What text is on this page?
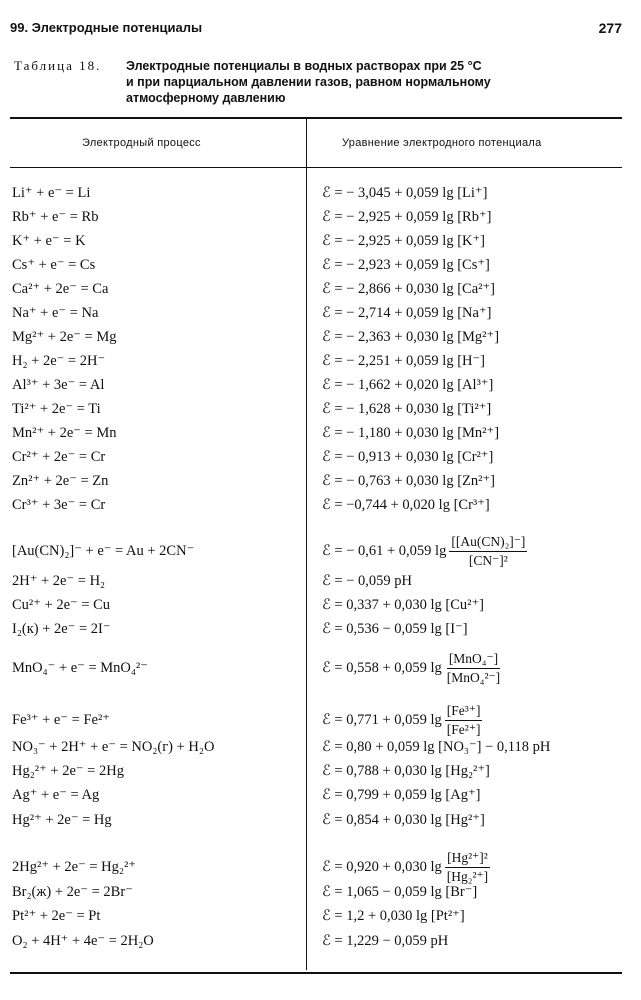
99. Электродные потенциалы	277
Таблица 18. Электродные потенциалы в водных растворах при 25 °С
и при парциальном давлении газов, равном нормальному
атмосферному давлению
Электродный процесс	Уравнение электродного потенциала
Li⁺ + e⁻ = Li	ℰ = − 3,045 + 0,059 lg [Li⁺]
Rb⁺ + e⁻ = Rb	ℰ = − 2,925 + 0,059 lg [Rb⁺]
K⁺ + e⁻ = K	ℰ = − 2,925 + 0,059 lg [K⁺]
Cs⁺ + e⁻ = Cs	ℰ = − 2,923 + 0,059 lg [Cs⁺]
Ca²⁺ + 2e⁻ = Ca	ℰ = − 2,866 + 0,030 lg [Ca²⁺]
Na⁺ + e⁻ = Na	ℰ = − 2,714 + 0,059 lg [Na⁺]
Mg²⁺ + 2e⁻ = Mg	ℰ = − 2,363 + 0,030 lg [Mg²⁺]
H₂ + 2e⁻ = 2H⁻	ℰ = − 2,251 + 0,059 lg [H⁻]
Al³⁺ + 3e⁻ = Al	ℰ = − 1,662 + 0,020 lg [Al³⁺]
Ti²⁺ + 2e⁻ = Ti	ℰ = − 1,628 + 0,030 lg [Ti²⁺]
Mn²⁺ + 2e⁻ = Mn	ℰ = − 1,180 + 0,030 lg [Mn²⁺]
Cr²⁺ + 2e⁻ = Cr	ℰ = − 0,913 + 0,030 lg [Cr²⁺]
Zn²⁺ + 2e⁻ = Zn	ℰ = − 0,763 + 0,030 lg [Zn²⁺]
Cr³⁺ + 3e⁻ = Cr	ℰ = −0,744 + 0,020 lg [Cr³⁺]
[Au(CN)₂]⁻ + e⁻ = Au + 2CN⁻	ℰ = − 0,61 + 0,059 $\lg \frac{\text{[[Au(CN)₂]⁻]}}{\text{[CN⁻]²}}$
2H⁺ + 2e⁻ = H₂	ℰ = − 0,059 pH
Cu²⁺ + 2e⁻ = Cu	ℰ = 0,337 + 0,030 lg [Cu²⁺]
I₂(к) + 2e⁻ = 2I⁻	ℰ = 0,536 − 0,059 lg [I⁻]
MnO₄⁻ + e⁻ = MnO₄²⁻	ℰ = 0,558 + 0,059 $\lg \frac{\text{[MnO₄⁻]}}{\text{[MnO₄²⁻]}}$
Fe³⁺ + e⁻ = Fe²⁺	ℰ = 0,771 + 0,059 $\lg \frac{\text{[Fe³⁺]}}{\text{[Fe²⁺]}}$
NO₃⁻ + 2H⁺ + e⁻ = NO₂(г) + H₂O	ℰ = 0,80 + 0,059 lg [NO₃⁻] − 0,118 pH
Hg₂²⁺ + 2e⁻ = 2Hg	ℰ = 0,788 + 0,030 lg [Hg₂²⁺]
Ag⁺ + e⁻ = Ag	ℰ = 0,799 + 0,059 lg [Ag⁺]
Hg²⁺ + 2e⁻ = Hg	ℰ = 0,854 + 0,030 lg [Hg²⁺]
2Hg²⁺ + 2e⁻ = Hg₂²⁺	ℰ = 0,920 + 0,030 $\lg \frac{\text{[Hg²⁺]²}}{\text{[Hg₂²⁺]}}$
Br₂(ж) + 2e⁻ = 2Br⁻	ℰ = 1,065 − 0,059 lg [Br⁻]
Pt²⁺ + 2e⁻ = Pt	ℰ = 1,2 + 0,030 lg [Pt²⁺]
O₂ + 4H⁺ + 4e⁻ = 2H₂O	ℰ = 1,229 − 0,059 pH
